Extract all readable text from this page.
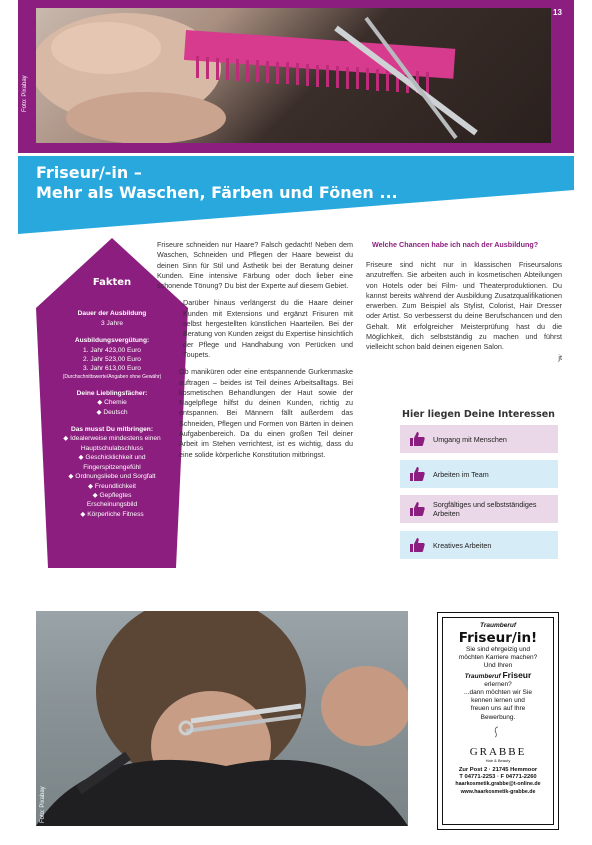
Foto: Pixabay
13
Friseur/-in –
Mehr als Waschen, Färben und Fönen ...
Fakten
Dauer der Ausbildung
3 Jahre
Ausbildungsvergütung:
1. Jahr 423,00 Euro
2. Jahr 523,00 Euro
3. Jahr 613,00 Euro
(Durchschnittswerte/Angaben ohne Gewähr)
Deine Lieblingsfächer:
◆ Chemie
◆ Deutsch
Das musst Du mitbringen:
◆ Idealerweise mindestens einen
Hauptschulabschluss
◆ Geschicklichkeit und
Fingerspitzengefühl
◆ Ordnungsliebe und Sorgfalt
◆ Freundlichkeit
◆ Gepflegtes
Erscheinungsbild
◆ Körperliche Fitness

Friseure schneiden nur Haare? Falsch gedacht! Neben dem Waschen, Schneiden und Pflegen der Haare beweist du deinen Sinn für Stil und Ästhetik bei der Beratung deiner Kunden. Eine intensive Färbung oder doch lieber eine schonende Tönung? Du bist der Experte auf diesem Gebiet.

Darüber hinaus verlängerst du die Haare deiner Kunden mit Extensions und ergänzt Frisuren mit selbst hergestellten künstlichen Haarteilen. Bei der Beratung von Kunden zeigst du Expertise hinsichtlich der Pflege und Handhabung von Perücken und Toupets.

Ob maniküren oder eine entspannende Gurkenmaske auftragen – beides ist Teil deines Arbeitsalltags. Bei kosmetischen Behandlungen der Haut sowie der Nagelpflege hilfst du deinen Kunden, richtig zu entspannen. Bei Männern fällt außerdem das Schneiden, Pflegen und Formen von Bärten in deinen Aufgabenbereich. Da du einen großen Teil deiner Arbeit im Stehen verrichtest, ist es wichtig, dass du eine solide körperliche Konstitution mitbringst.

Welche Chancen habe ich nach der Ausbildung?

Friseure sind nicht nur in klassischen Friseursalons anzutreffen. Sie arbeiten auch in kosmetischen Abteilungen von Hotels oder bei Film- und Theaterproduktionen. Du kannst bereits während der Ausbildung Zusatzqualifikationen erwerben. Zum Beispiel als Stylist, Colorist, Hair Dresser oder Artist. So verbesserst du deine Berufschancen und den Gehalt. Mit erfolgreicher Meisterprüfung hast du die Möglichkeit, dich selbstständig zu machen und führst vielleicht schon bald deinen eigenen Salon.

jt
Hier liegen Deine Interessen
Umgang mit Menschen
Arbeiten im Team
Sorgfältiges und selbstständiges Arbeiten
Kreatives Arbeiten
Foto: Pixabay
Traumberuf
Friseur/in!
Sie sind ehrgeizig und
möchten Karriere machen?
Und Ihren
Traumberuf Friseur
erlernen?
...dann möchten wir Sie
kennen lernen und
freuen uns auf Ihre
Bewerbung.
GRABBE
Hair & Beauty
Zur Post 2 · 21745 Hemmoor
T 04771-2253 · F 04771-2260
haarkosmetik.grabbe@t-online.de
www.haarkosmetik-grabbe.de
